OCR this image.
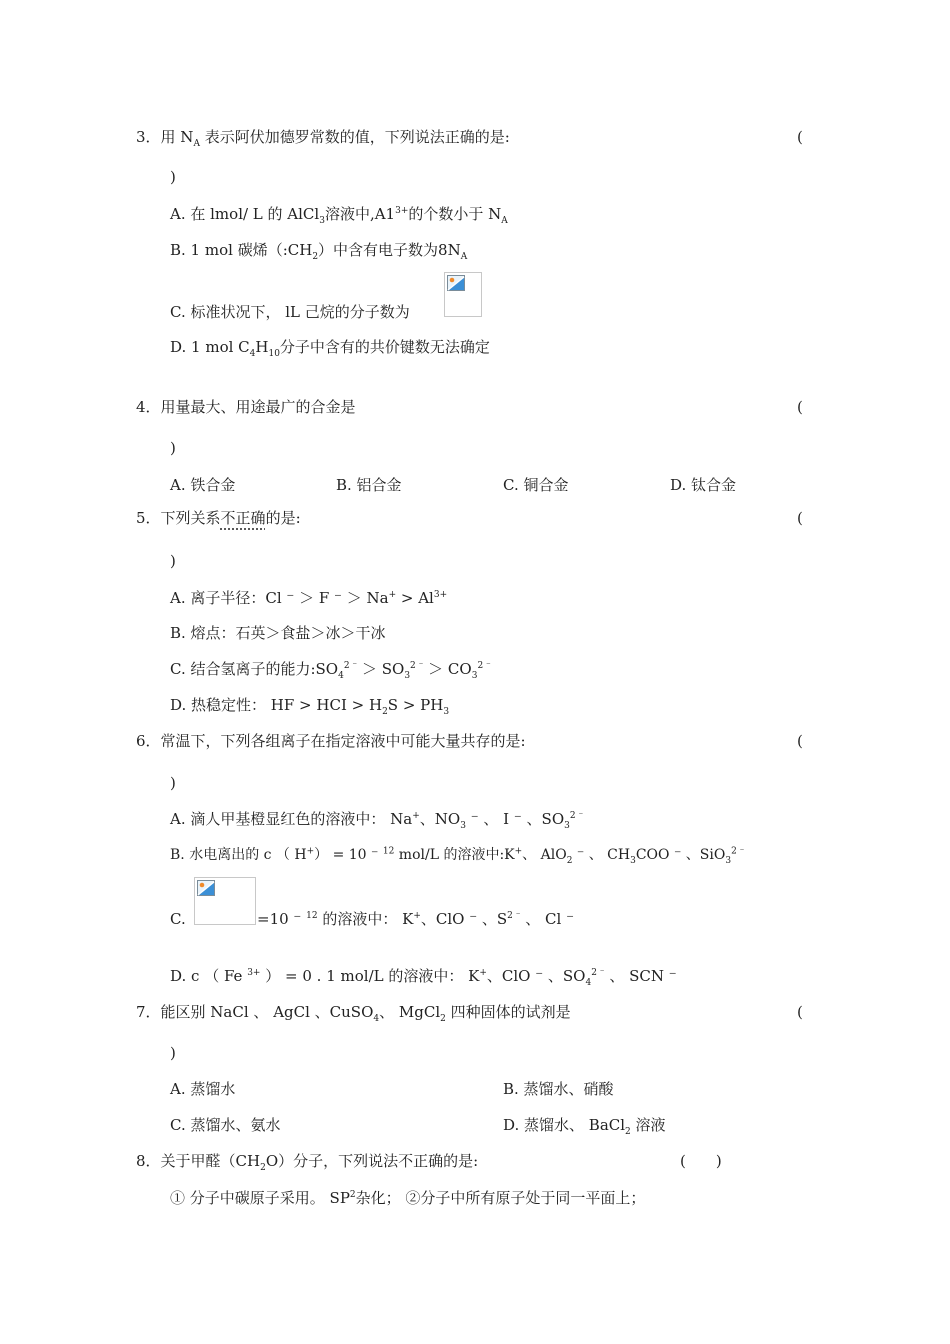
3．用 $N_A$ 表示阿伏加德罗常数的值，下列说法正确的是:	(
)
A. 在 lmol/ L 的 AlCl$_3$溶液中$,A1^{3+}$的个数小于 $N_A$
B. 1 mol 碳烯$(:CH_2)$中含有电子数为$8N_A$
C. 标准状况下， lL 己烷的分子数为
D. 1 mol $C_4H_{10}$分子中含有的共价键数无法确定
4．用量最大、用途最广的合金是	(
)
A. 铁合金	B. 铝合金	C. 铜合金	D. 钛合金
5．下列关系不正确的是:	(
)
A. 离子半径：Cl ⁻ ＞ F ⁻ ＞ $Na^+ > Al^{3+}$
B. 熔点：石英＞食盐＞冰＞干冰
C. 结合氢离子的能力$:SO_4^{2 ^-} > SO_3^{2 ^-} > CO_3^{2 ^-}$
D. 热稳定性： HF > HCI > $H_2S > PH_3$
6．常温下，下列各组离子在指定溶液中可能大量共存的是:	(
)
A. 滴人甲基橙显红色的溶液中： Na+、$NO_3$ ⁻ 、 I ⁻ 、$SO_3^{2 ^-}$
B. 水电离出的 c （ H+） = 10 ⁻ $^{12}$ mol/L 的溶液中:K+、 AlO$_2$ ⁻ 、 $CH_3COO$ ⁻ 、SiO$_3^{2 ^-}$
C.	=10 ⁻ $^{12}$ 的溶液中： K+、ClO ⁻ 、$S^{2 ^-}$ 、 Cl ⁻
D. c （ Fe $^{3+}$ ） = 0 . 1 mol/L 的溶液中： K+、ClO ⁻ 、$SO_4^{2 ^-}$ 、 SCN ⁻
7．能区别 NaCl 、 AgCl 、CuSO$_4$、 MgCl$_2$ 四种固体的试剂是	(
)
A. 蒸馏水	B. 蒸馏水、硝酸
C. 蒸馏水、氨水	D. 蒸馏水、 BaCl$_2$ 溶液
8．关于甲醛$(CH_2O)$分子，下列说法不正确的是:	(　　)
① 分子中碳原子采用。 $SP^2$杂化； ②分子中所有原子处于同一平面上；
